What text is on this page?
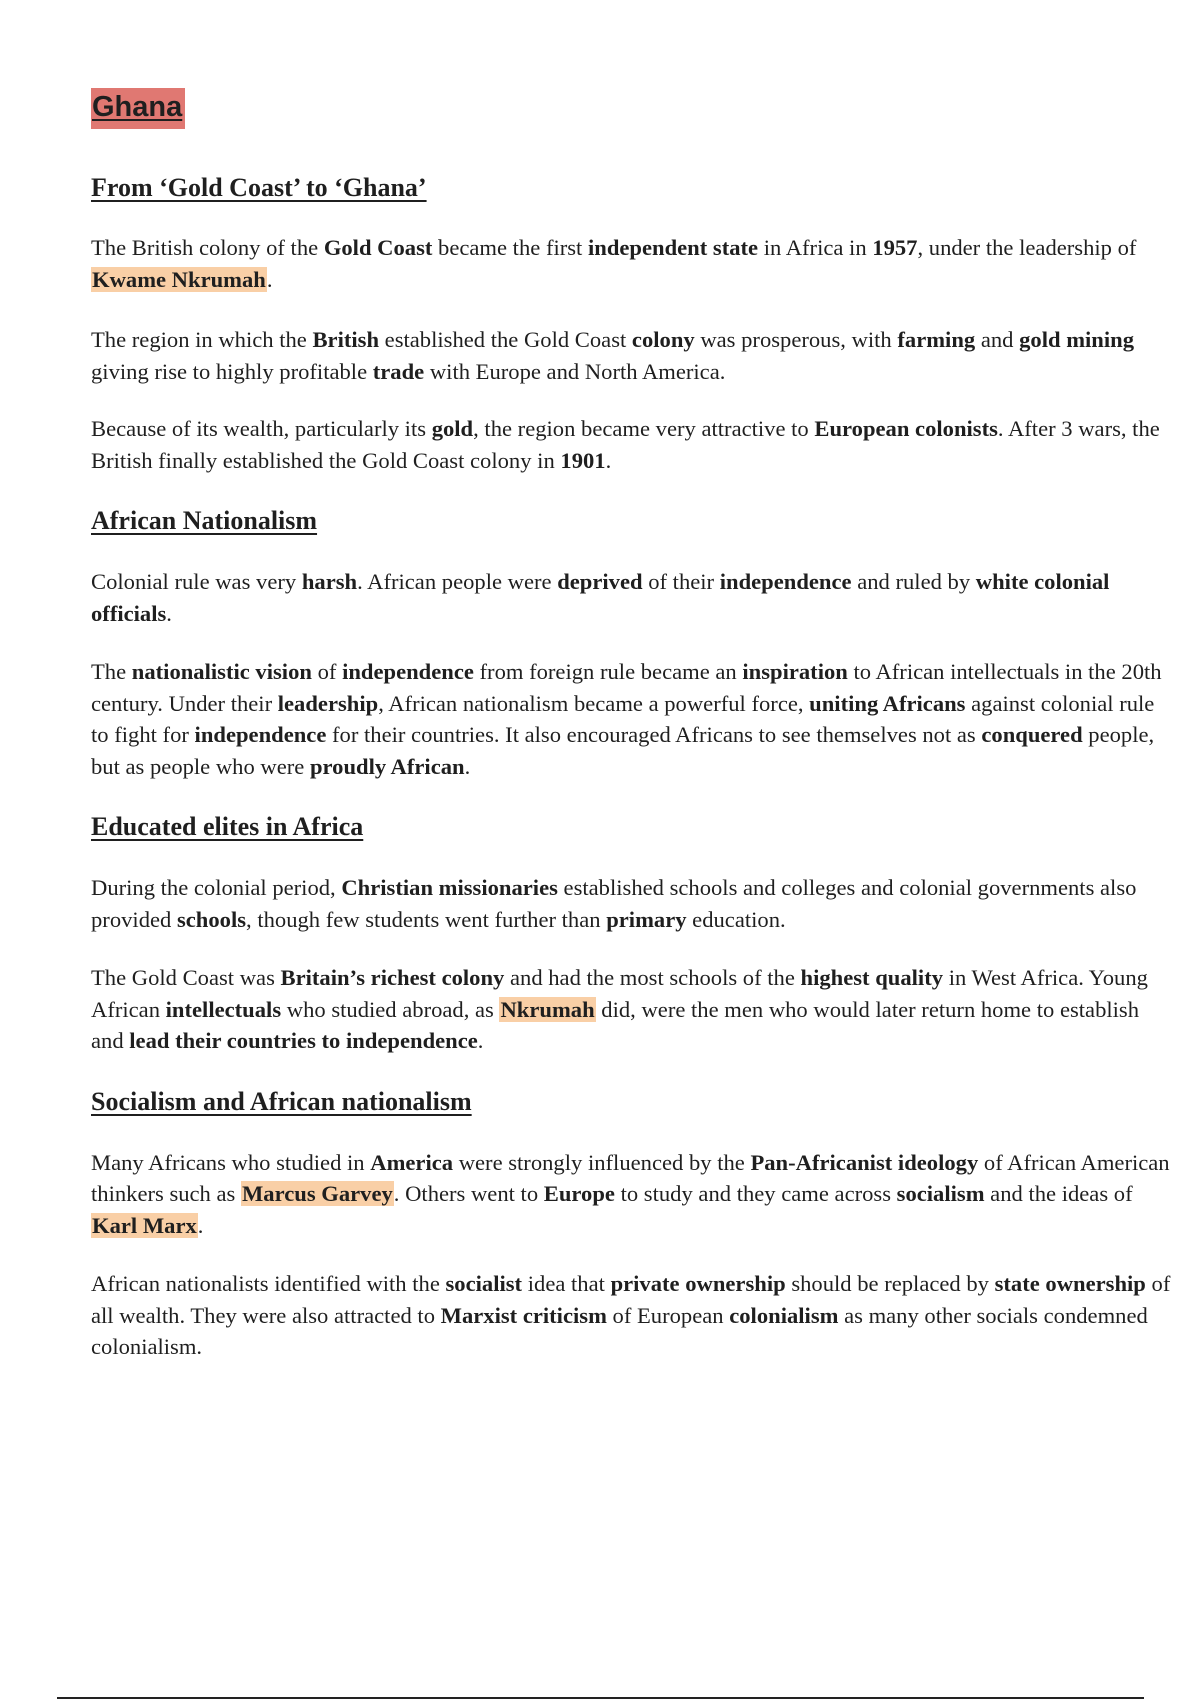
Ghana
From ‘Gold Coast’ to ‘Ghana’

The British colony of the Gold Coast became the first independent state in Africa in 1957, under the leadership of Kwame Nkrumah.

The region in which the British established the Gold Coast colony was prosperous, with farming and gold mining giving rise to highly profitable trade with Europe and North America.

Because of its wealth, particularly its gold, the region became very attractive to European colonists. After 3 wars, the British finally established the Gold Coast colony in 1901.

African Nationalism

Colonial rule was very harsh. African people were deprived of their independence and ruled by white colonial officials.

The nationalistic vision of independence from foreign rule became an inspiration to African intellectuals in the 20th century. Under their leadership, African nationalism became a powerful force, uniting Africans against colonial rule to fight for independence for their countries. It also encouraged Africans to see themselves not as conquered people, but as people who were proudly African.

Educated elites in Africa

During the colonial period, Christian missionaries established schools and colleges and colonial governments also provided schools, though few students went further than primary education.

The Gold Coast was Britain’s richest colony and had the most schools of the highest quality in West Africa. Young African intellectuals who studied abroad, as Nkrumah did, were the men who would later return home to establish and lead their countries to independence.

Socialism and African nationalism

Many Africans who studied in America were strongly influenced by the Pan-Africanist ideology of African American thinkers such as Marcus Garvey. Others went to Europe to study and they came across socialism and the ideas of Karl Marx.

African nationalists identified with the socialist idea that private ownership should be replaced by state ownership of all wealth. They were also attracted to Marxist criticism of European colonialism as many other socials condemned colonialism.
